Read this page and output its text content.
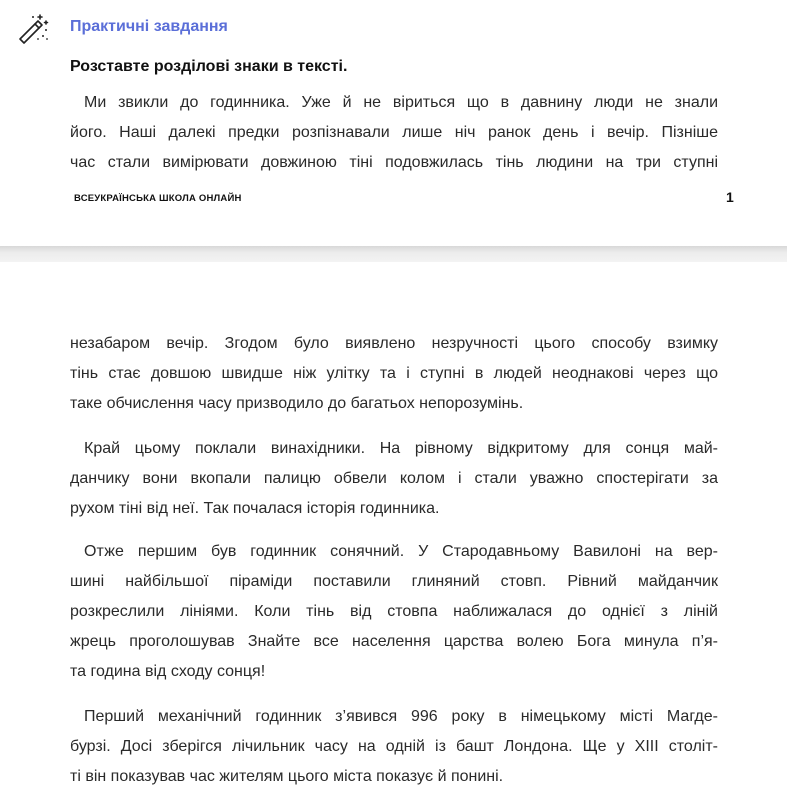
Практичні завдання
Розставте розділові знаки в тексті.
Ми звикли до годинника. Уже й не віриться що в давнину люди не знали
його. Наші далекі предки розпізнавали лише ніч ранок день і вечір. Пізніше
час стали вимірювати довжиною тіні подовжилась тінь людини на три ступні
ВСЕУКРАЇНСЬКА ШКОЛА ОНЛАЙН	1
незабаром вечір. Згодом було виявлено незручності цього способу взимку
тінь стає довшою швидше ніж улітку та і ступні в людей неоднакові через що
таке обчислення часу призводило до багатьох непорозумінь.
Край цьому поклали винахідники. На рівному відкритому для сонця май-
данчику вони вкопали палицю обвели колом і стали уважно спостерігати за
рухом тіні від неї. Так почалася історія годинника.
Отже першим був годинник сонячний. У Стародавньому Вавилоні на вер-
шині найбільшої піраміди поставили глиняний стовп. Рівний майданчик
розкреслили лініями. Коли тінь від стовпа наближалася до однієї з ліній
жрець проголошував Знайте все населення царства волею Бога минула п’я-
та година від сходу сонця!
Перший механічний годинник з’явився 996 року в німецькому місті Магде-
бурзі. Досі зберігся лічильник часу на одній із башт Лондона. Ще у ХІІІ століт-
ті він показував час жителям цього міста показує й понині.
